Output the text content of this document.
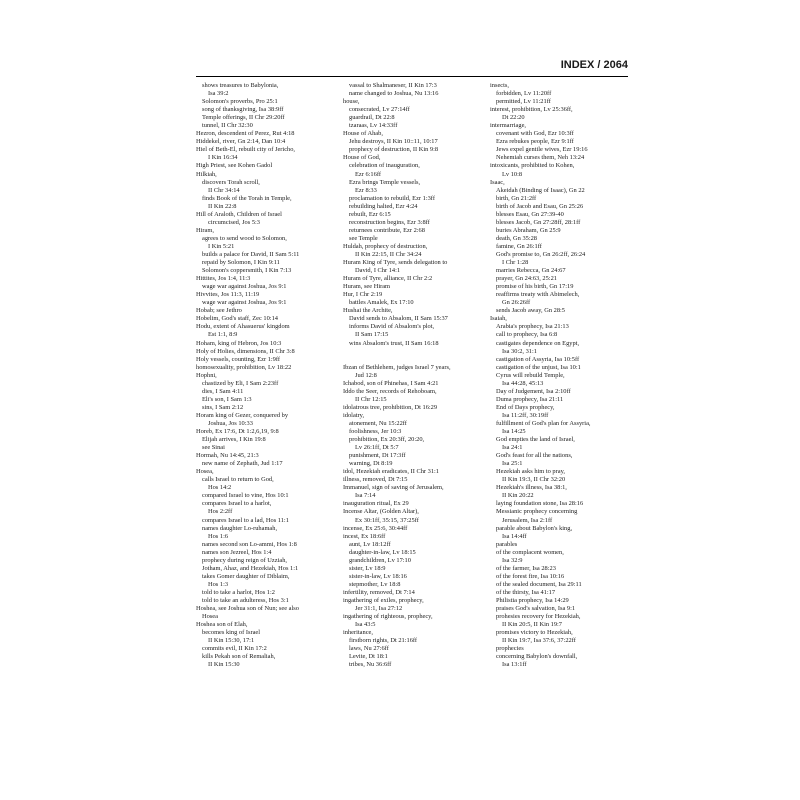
INDEX / 2064
shows treasures to Babylonia,
Isa 39:2
Solomon's proverbs, Pro 25:1
song of thanksgiving, Isa 38:9ff
Temple offerings, II Chr 29:20ff
tunnel, II Chr 32:30
Hezron, descendent of Perez, Rut 4:18
Hiddekel, river, Gn 2:14, Dan 10:4
Hiel of Beth-El, rebuilt city of Jericho,
I Kin 16:34
High Priest, see Kohen Gadol
Hilkiah,
discovers Torah scroll,
II Chr 34:14
finds Book of the Torah in Temple,
II Kin 22:8
Hill of Araloth, Children of Israel
circumcised, Jos 5:3
Hiram,
agrees to send wood to Solomon,
I Kin 5:21
builds a palace for David, II Sam 5:11
repaid by Solomon, I Kin 9:11
Solomon's coppersmith, I Kin 7:13
Hittites, Jos 1:4, 11:3
wage war against Joshua, Jos 9:1
Hivvites, Jos 11:3, 11:19
wage war against Joshua, Jos 9:1
Hobab; see Jethro
Hobelim, God's staff, Zec 10:14
Hodu, extent of Ahasuerus' kingdom
Est 1:1, 8:9
Hoham, king of Hebron, Jos 10:3
Holy of Holies, dimensions, II Chr 3:8
Holy vessels, counting, Ezr 1:9ff
homosexuality, prohibition, Lv 18:22
Hophni,
chastized by Eli, I Sam 2:23ff
dies, I Sam 4:11
Eli's son, I Sam 1:3
sins, I Sam 2:12
Horam king of Gezer, conquered by
Joshua, Jos 10:33
Horeb, Ex 17:6, Dt 1:2,6,19, 9:8
Elijah arrives, I Kin 19:8
see Sinai
Hormah, Nu 14:45, 21:3
new name of Zephath, Jud 1:17
Hosea,
calls Israel to return to God,
Hos 14:2
compared Israel to vine, Hos 10:1
compares Israel to a harlot,
Hos 2:2ff
compares Israel to a lad, Hos 11:1
names daughter Lo-ruhamah,
Hos 1:6
names second son Lo-ammi, Hos 1:8
names son Jezreel, Hos 1:4
prophecy during reign of Uzziah,
Jotham, Ahaz, and Hezekiah, Hos 1:1
takes Gomer daughter of Diblaim,
Hos 1:3
told to take a harlot, Hos 1:2
told to take an adulteress, Hos 3:1
Hoshea, see Joshua son of Nun; see also
Hosea
Hoshea son of Elah,
becomes king of Israel
II Kin 15:30, 17:1
commits evil, II Kin 17:2
kills Pekah son of Remaliah,
II Kin 15:30
vassal to Shalmaneser, II Kin 17:3
name changed to Joshua, Nu 13:16
house,
consecrated, Lv 27:14ff
guardrail, Dt 22:8
tzaraas, Lv 14:33ff
House of Ahab,
Jehu destroys, II Kin 10::11, 10:17
prophecy of destruction, II Kin 9:8
House of God,
celebration of inauguration,
Ezr 6:16ff
Ezra brings Temple vessels,
Ezr 8:33
proclamation to rebuild, Ezr 1:3ff
rebuilding halted, Ezr 4:24
rebuilt, Ezr 6:15
reconstruction begins, Ezr 3:8ff
returnees contribute, Ezr 2:68
see Temple
Huldah, prophecy of destruction,
II Kin 22:15, II Chr 34:24
Huram King of Tyre, sends delegation to
David, I Chr 14:1
Huram of Tyre, alliance, II Chr 2:2
Huram, see Hiram
Hur, I Chr 2:19
battles Amalek, Ex 17:10
Hushai the Archite,
David sends to Absalom, II Sam 15:37
informs David of Absalom's plot,
II Sam 17:15
wins Absalom's trust, II Sam 16:18
Ibzan of Bethlehem, judges Israel 7 years,
Jud 12:8
Ichabod, son of Phinehas, I Sam 4:21
Iddo the Seer, records of Rehoboam,
II Chr 12:15
idolatrous tree, prohibition, Dt 16:29
idolatry,
atonement, Nu 15:22ff
foolishness, Jer 10:3
prohibition, Ex 20:3ff, 20:20,
Lv 26:1ff, Dt 5:7
punishment, Dt 17:3ff
warning, Dt 8:19
idol, Hezekiah eradicates, II Chr 31:1
illness, removed, Dt 7:15
Immanuel, sign of saving of Jerusalem,
Isa 7:14
inauguration ritual, Ex 29
Incense Altar, (Golden Altar),
Ex 30:1ff, 35:15, 37:25ff
incense, Ex 25:6, 30:44ff
incest, Ex 18:6ff
aunt, Lv 18:12ff
daughter-in-law, Lv 18:15
grandchildren, Lv 17:10
sister, Lv 18:9
sister-in-law, Lv 18:16
stepmother, Lv 18:8
infertility, removed, Dt 7:14
ingathering of exiles, prophecy,
Jer 31:1, Isa 27:12
ingathering of righteous, prophecy,
Isa 43:5
inheritance,
firstborn rights, Dt 21:16ff
laws, Nu 27:6ff
Levite, Dt 18:1
tribes, Nu 36:6ff
insects,
forbidden, Lv 11:20ff
permitted, Lv 11:21ff
interest, prohibition, Lv 25:36ff,
Dt 22:20
intermarriage,
covenant with God, Ezr 10:3ff
Ezra rebukes people, Ezr 9:1ff
Jews expel gentile wives, Ezr 19:16
Nehemiah curses them, Neh 13:24
intoxicants, prohibited to Kohen,
Lv 10:8
Isaac,
Akeidah (Binding of Isaac), Gn 22
birth, Gn 21:2ff
birth of Jacob and Esau, Gn 25:26
blesses Esau, Gn 27:39-40
blesses Jacob, Gn 27:28ff, 28:1ff
buries Abraham, Gn 25:9
death, Gn 35:28
famine, Gn 26:1ff
God's promise to, Gn 26:2ff, 26:24
I Chr 1:28
marries Rebecca, Gn 24:67
prayer, Gn 24:63, 25:21
promise of his birth, Gn 17:19
reaffirms treaty with Abimelech,
Gn 26:26ff
sends Jacob away, Gn 28:5
Isaiah,
Arabia's prophecy, Isa 21:13
call to prophecy, Isa 6:8
castigates dependence on Egypt,
Isa 30:2, 31:1
castigation of Assyria, Isa 10:5ff
castigation of the unjust, Isa 10:1
Cyrus will rebuild Temple,
Isa 44:28, 45:13
Day of Judgement, Isa 2:10ff
Duma prophecy, Isa 21:11
End of Days prophecy,
Isa 11:2ff, 30:19ff
fulfillment of God's plan for Assyria,
Isa 14:25
God empties the land of Israel,
Isa 24:1
God's feast for all the nations,
Isa 25:1
Hezekiah asks him to pray,
II Kin 19:3, II Chr 32:20
Hezekiah's illness, Isa 38:1,
II Kin 20:22
laying foundation stone, Isa 28:16
Messianic prophecy concerning
Jerusalem, Isa 2:1ff
parable about Babylon's king,
Isa 14:4ff
parables
of the complacent women,
Isa 32:9
of the farmer, Isa 28:23
of the forest fire, Isa 10:16
of the sealed document, Isa 29:11
of the thirsty, Isa 41:17
Philistia prophecy, Isa 14:29
praises God's salvation, Isa 9:1
prohesies recovery for Hezekiah,
II Kin 20:5, II Kin 19:7
promises victory to Hezekiah,
II Kin 19:7, Isa 37:6, 37:22ff
prophecies
concerning Babylon's downfall,
Isa 13:1ff
